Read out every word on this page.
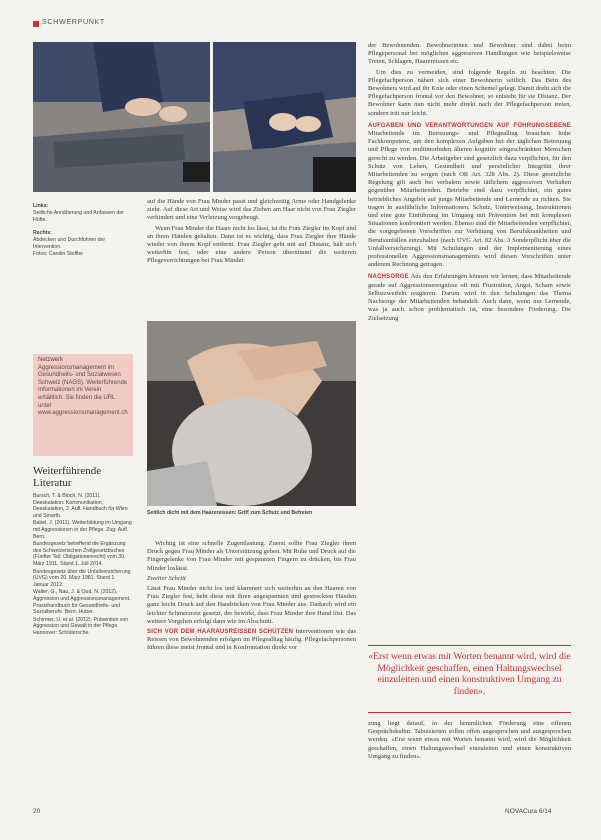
SCHWERPUNKT
Links:
Seitliche Annäherung und Anfassen der Hüfte.
Rechts:
Abdecken und Durchführen der Intervention.
Fotos: Carolin Stoffler

auf die Hände von Frau Minder passt und gleichzeitig Arme oder Handgelenke zieht. Auf diese Art und Weise wird das Ziehen am Haar nicht von Frau Ziegler verhindert und eine Verletzung vorgebeugt.

Wenn Frau Minder die Haare nicht los lässt, ist die Frau Ziegler im Kopf und an ihren Händen gehalten. Dann ist es wichtig, dass Frau Ziegler ihre Hände wieder von ihrem Kopf entfernt. Frau Ziegler geht mit auf Distanz, hält sich weiterhin fest, oder eine andere Person übernimmt die weiteren Pflegeverrichtungen bei Frau Minder.

Netzwerk Aggressionsmanagement im Gesundheits- und Sozialwesen Schweiz (NAGS). Weiterführende Informationen im Verein erhältlich. Sie finden die URL unter www.aggressionsmanagement.ch
Seitlich dicht mit dem Haarereissen: Griff zum Schutz und Befreien
Weiterführende Literatur

Bursch, T. & Bloch, N. (2011). Deeskalation: Kommunikation, Deeskalation, 2. Aufl. Handbuch für Wien und Smarth.

Babel, J. (2011). Weiterbildung im Umgang mit Aggressionen in der Pflege. Zug: Aufl. Bern.

Bundesgesetz betreffend die Ergänzung des Schweizerischen Zivilgesetzbuches (Fünfter Teil: Obligationenrecht) vom 30. März 1911. Stand 1. Juli 2014.

Bundesgesetz über die Unfallversicherung (UVG) vom 20. März 1981. Stand 1. Januar 2012.

Walter, G., Nau, J. & Oud, N. (2012). Aggression und Aggressionsmanagement. Praxishandbuch für Gesundheits- und Sozialberufe. Bern: Huber.

Schirmer, U. et al. (2012). Prävention von Aggression und Gewalt in der Pflege. Hannover: Schlütersche.

Wichtig ist eine schnelle Zugentlastung. Zuerst sollte Frau Ziegler ihren Druck gegen Frau Minder als Unterstützung geben. Mit Ruhe und Druck auf die Fingergelenke von Frau Minder mit gespannten Fingern zu drücken, bis Frau Minder loslässt.

Zweiter Schritt

Lässt Frau Minder nicht los und klammert sich weiterhin an den Haaren von Frau Ziegler fest, hebt diese mit ihren angespannten und gestreckten Händen ganz leicht Druck auf den Handrücken von Frau Minder aus. Dadurch wird ein leichter Schmerzreiz gesetzt, der bewirkt, dass Frau Minder ihre Hand löst. Das weitere Vorgehen erfolgt dann wie im Abschnitt.

SICH VOR DEM HAARAUSREISSEN SCHÜTZEN Interventionen wie das Reissen von Bewohnenden erfolgen im Pflegealltag häufig. Pflegefachpersonen führen diese meist frontal und in Konfrontation direkt vor

der Bewohnenden. Bewohnerinnen und Bewohner sind dabei beim Pflegepersonal bei möglichen aggressiven Handlungen wie beispielsweise Treten, Schlagen, Haarereissen etc.

Um dies zu vermeiden, sind folgende Regeln zu beachten: Die Pflegefachperson nähert sich einer Bewohnerin seitlich. Das Bein des Bewohners wird auf ihr Knie oder einen Schemel gelegt. Damit dreht sich die Pflegefachperson frontal vor den Bewohner, so entsteht für sie Distanz. Der Bewohner kann nun nicht mehr direkt nach der Pflegefachperson treten, sondern tritt nur leicht.

AUFGABEN UND VERANTWORTUNGEN AUF FÜHRUNGSEBENE Mitarbeitende im Betreuungs- und Pflegealltag brauchen hohe Fachkompetenz, um den komplexen Aufgaben bei der täglichen Betreuung und Pflege von multimorbiden älteren kognitiv eingeschränkten Menschen gerecht zu werden. Die Arbeitgeber sind gesetzlich dazu verpflichtet, für den Schutz von Leben, Gesundheit und persönlicher Integrität ihrer Mitarbeitenden zu sorgen (nach OR Art. 328 Abs. 2). Diese gesetzliche Regelung gilt auch bei verbalem sowie tätlichem aggressiven Verhalten gegenüber Mitarbeitenden. Betriebe sind dazu verpflichtet, ein gutes betriebliches Angebot auf junge Mitarbeitende und Lernende zu richten. Sie tragen in ausführliche Informationen, Schutz, Unterweisung, Instruktionen und eine gute Einführung im Umgang mit Prävention bei mit komplexen Situationen konfrontiert werden. Ebenso sind die Mitarbeitenden verpflichtet, die vorgegebenen Vorschriften zur Verhütung von Berufskrankheiten und Berufsunfällen einzuhalten (nach UVG Art. 82 Abs. 3 Sonderpflicht über die Unfallversicherung). Mit Schulungen und der Implementierung eines professionellen Aggressionsmanagements wird diesen Vorschriften unter anderem Rechnung getragen.

NACHSORGE Aus den Erfahrungen können wir lernen, dass Mitarbeitende gerade auf Aggressionsereignisse oft mit Frustration, Angst, Scham sowie Selbstzweifeln reagieren. Darum wird in den Schulungen das Thema Nachsorge der Mitarbeitenden behandelt. Auch dann, wenn nur Lernende, was ja auch schon problematisch ist, eine besondere Förderung. Die Zielsetzung

«Erst wenn etwas mit Worten benannt wird, wird die Möglichkeit geschaffen, einen Haltungswechsel einzuleiten und einen konstruktiven Umgang zu finden».
zung liegt darauf, in der hemmlichen Förderung eine offenen Gesprächskultur. Tabuisierten sollen offen angesprochen und ausgesprochen werden. «Erst wenn etwas mit Worten benannt wird, wird die Möglichkeit geschaffen, einen Haltungswechsel einzuleiten und einen konstruktiven Umgang zu finden».
20	NOVACura 6/14
